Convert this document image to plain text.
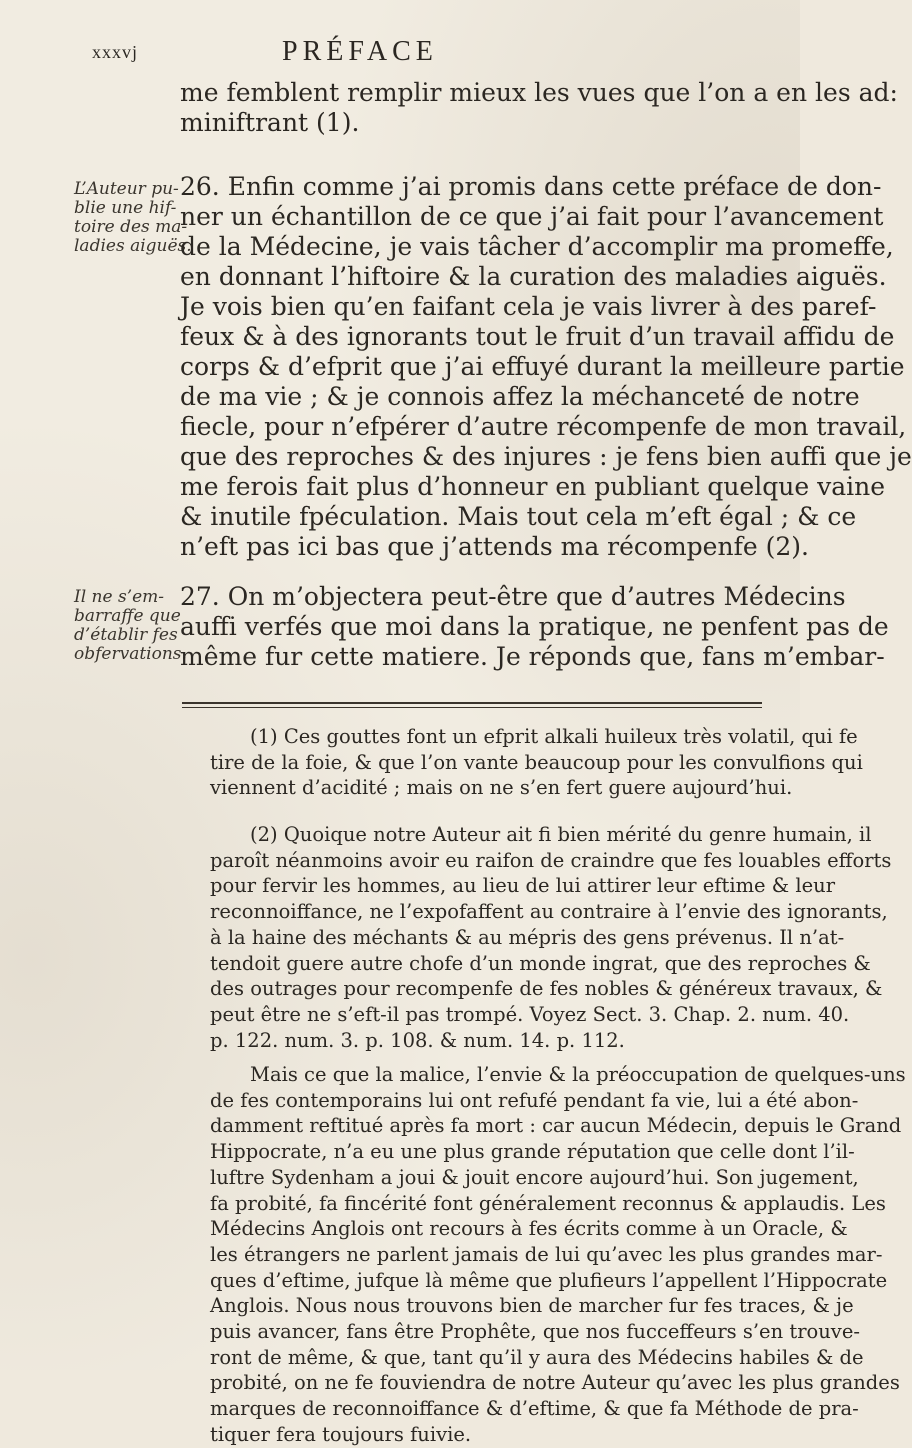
xxxvj	PRÉFACE
me femblent remplir mieux les vues que l’on a en les ad:
miniftrant (1).
L’Auteur pu-
blie une hif-
toire des ma-
ladies aiguës.
26. Enfin comme j’ai promis dans cette préface de don-
ner un échantillon de ce que j’ai fait pour l’avancement
de la Médecine, je vais tâcher d’accomplir ma promeffe,
en donnant l’hiftoire & la curation des maladies aiguës.
Je vois bien qu’en faifant cela je vais livrer à des paref-
feux & à des ignorants tout le fruit d’un travail affidu de
corps & d’efprit que j’ai effuyé durant la meilleure partie
de ma vie ; & je connois affez la méchanceté de notre
fiecle, pour n’efpérer d’autre récompenfe de mon travail,
que des reproches & des injures : je fens bien auffi que je
me ferois fait plus d’honneur en publiant quelque vaine
& inutile fpéculation. Mais tout cela m’eft égal ; & ce
n’eft pas ici bas que j’attends ma récompenfe (2).
Il ne s’em-
barraffe que
d’établir fes
obfervations.
27. On m’objectera peut-être que d’autres Médecins
auffi verfés que moi dans la pratique, ne penfent pas de
même fur cette matiere. Je réponds que, fans m’embar-
(1) Ces gouttes font un efprit alkali huileux très volatil, qui fe
tire de la foie, & que l’on vante beaucoup pour les convulfions qui
viennent d’acidité ; mais on ne s’en fert guere aujourd’hui.
(2) Quoique notre Auteur ait fi bien mérité du genre humain, il
paroît néanmoins avoir eu raifon de craindre que fes louables efforts
pour fervir les hommes, au lieu de lui attirer leur eftime & leur
reconnoiffance, ne l’expofaffent au contraire à l’envie des ignorants,
à la haine des méchants & au mépris des gens prévenus. Il n’at-
tendoit guere autre chofe d’un monde ingrat, que des reproches &
des outrages pour recompenfe de fes nobles & généreux travaux, &
peut être ne s’eft-il pas trompé. Voyez Sect. 3. Chap. 2. num. 40.
p. 122. num. 3. p. 108. & num. 14. p. 112.
Mais ce que la malice, l’envie & la préoccupation de quelques-uns
de fes contemporains lui ont refufé pendant fa vie, lui a été abon-
damment reftitué après fa mort : car aucun Médecin, depuis le Grand
Hippocrate, n’a eu une plus grande réputation que celle dont l’il-
luftre Sydenham a joui & jouit encore aujourd’hui. Son jugement,
fa probité, fa fincérité font généralement reconnus & applaudis. Les
Médecins Anglois ont recours à fes écrits comme à un Oracle, &
les étrangers ne parlent jamais de lui qu’avec les plus grandes mar-
ques d’eftime, jufque là même que plufieurs l’appellent l’Hippocrate
Anglois. Nous nous trouvons bien de marcher fur fes traces, & je
puis avancer, fans être Prophête, que nos fucceffeurs s’en trouve-
ront de même, & que, tant qu’il y aura des Médecins habiles & de
probité, on ne fe fouviendra de notre Auteur qu’avec les plus grandes
marques de reconnoiffance & d’eftime, & que fa Méthode de pra-
tiquer fera toujours fuivie.
